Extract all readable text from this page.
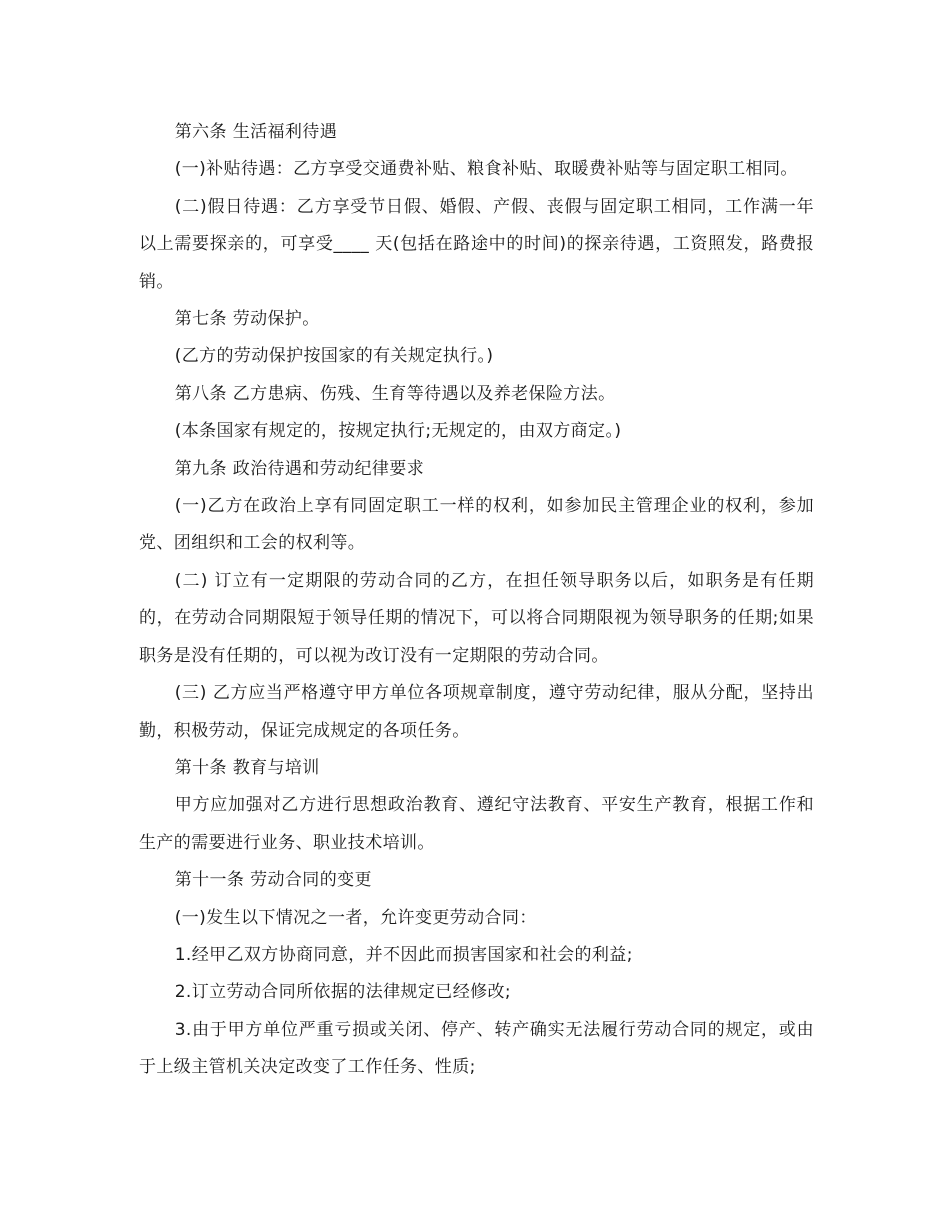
第六条 生活福利待遇

(一)补贴待遇：乙方享受交通费补贴、粮食补贴、取暖费补贴等与固定职工相同。

(二)假日待遇：乙方享受节日假、婚假、产假、丧假与固定职工相同，工作满一年以上需要探亲的，可享受____ 天(包括在路途中的时间)的探亲待遇，工资照发，路费报销。

第七条 劳动保护。

(乙方的劳动保护按国家的有关规定执行。)

第八条 乙方患病、伤残、生育等待遇以及养老保险方法。

(本条国家有规定的，按规定执行;无规定的，由双方商定。)

第九条 政治待遇和劳动纪律要求

(一)乙方在政治上享有同固定职工一样的权利，如参加民主管理企业的权利，参加党、团组织和工会的权利等。

(二) 订立有一定期限的劳动合同的乙方，在担任领导职务以后，如职务是有任期的，在劳动合同期限短于领导任期的情况下，可以将合同期限视为领导职务的任期;如果职务是没有任期的，可以视为改订没有一定期限的劳动合同。

(三) 乙方应当严格遵守甲方单位各项规章制度，遵守劳动纪律，服从分配，坚持出勤，积极劳动，保证完成规定的各项任务。

第十条 教育与培训

甲方应加强对乙方进行思想政治教育、遵纪守法教育、平安生产教育，根据工作和生产的需要进行业务、职业技术培训。

第十一条 劳动合同的变更

(一)发生以下情况之一者，允许变更劳动合同：

1.经甲乙双方协商同意，并不因此而损害国家和社会的利益;

2.订立劳动合同所依据的法律规定已经修改;

3.由于甲方单位严重亏损或关闭、停产、转产确实无法履行劳动合同的规定，或由于上级主管机关决定改变了工作任务、性质;
